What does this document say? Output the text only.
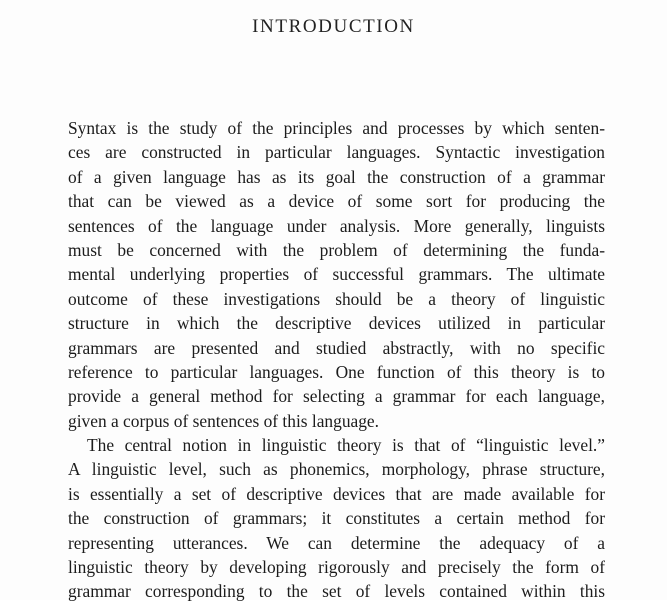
INTRODUCTION

Syntax is the study of the principles and processes by which senten-
ces are constructed in particular languages. Syntactic investigation
of a given language has as its goal the construction of a grammar
that can be viewed as a device of some sort for producing the
sentences of the language under analysis. More generally, linguists
must be concerned with the problem of determining the funda-
mental underlying properties of successful grammars. The ultimate
outcome of these investigations should be a theory of linguistic
structure in which the descriptive devices utilized in particular
grammars are presented and studied abstractly, with no specific
reference to particular languages. One function of this theory is to
provide a general method for selecting a grammar for each language,
given a corpus of sentences of this language.

The central notion in linguistic theory is that of “linguistic level.”
A linguistic level, such as phonemics, morphology, phrase structure,
is essentially a set of descriptive devices that are made available for
the construction of grammars; it constitutes a certain method for
representing utterances. We can determine the adequacy of a
linguistic theory by developing rigorously and precisely the form of
grammar corresponding to the set of levels contained within this
